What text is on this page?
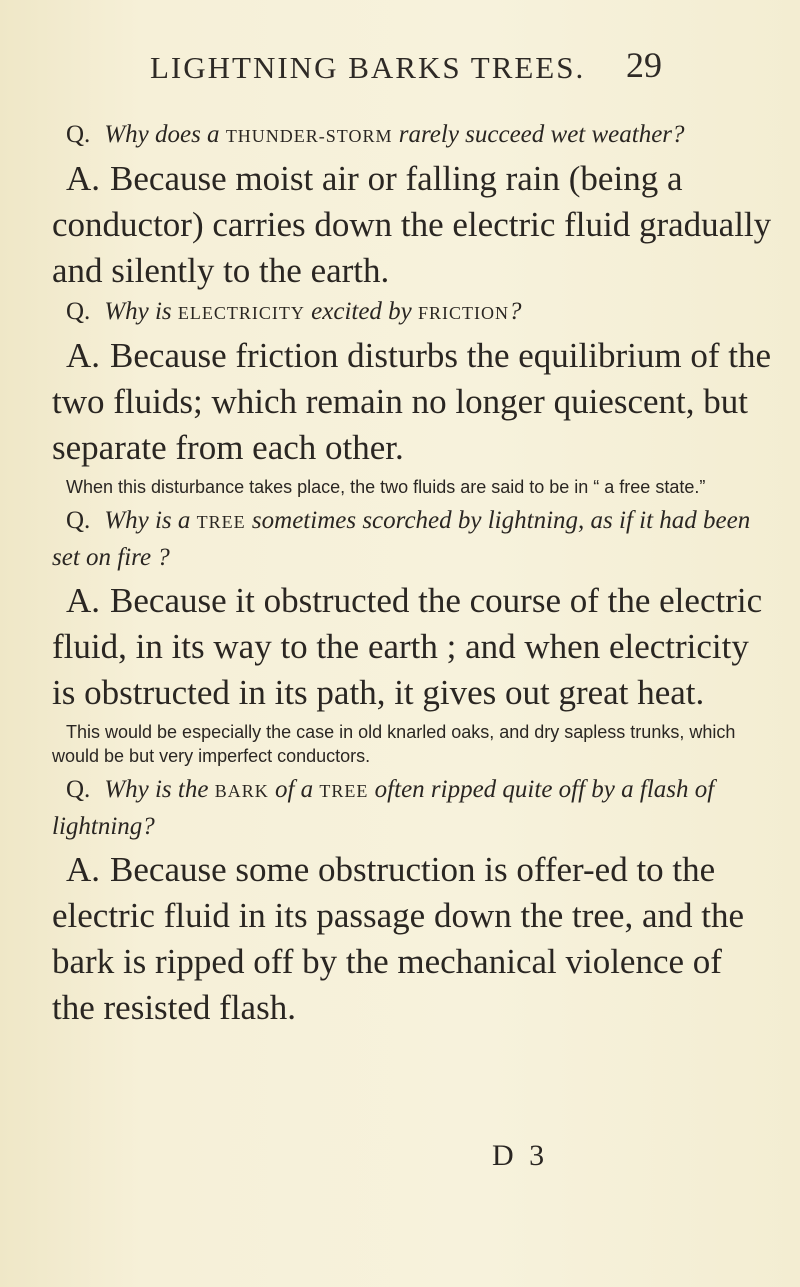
LIGHTNING BARKS TREES. 29

Q. Why does a THUNDER-STORM rarely succeed wet weather?

A. Because moist air or falling rain (being a conductor) carries down the electric fluid gradually and silently to the earth.

Q. Why is ELECTRICITY excited by FRICTION?

A. Because friction disturbs the equilibrium of the two fluids; which remain no longer quiescent, but separate from each other.

When this disturbance takes place, the two fluids are said to be in “ a free state.”

Q. Why is a TREE sometimes scorched by lightning, as if it had been set on fire ?

A. Because it obstructed the course of the electric fluid, in its way to the earth ; and when electricity is obstructed in its path, it gives out great heat.

This would be especially the case in old knarled oaks, and dry sapless trunks, which would be but very imperfect conductors.

Q. Why is the BARK of a TREE often ripped quite off by a flash of lightning?

A. Because some obstruction is offer-ed to the electric fluid in its passage down the tree, and the bark is ripped off by the mechanical violence of the resisted flash.

D 3
